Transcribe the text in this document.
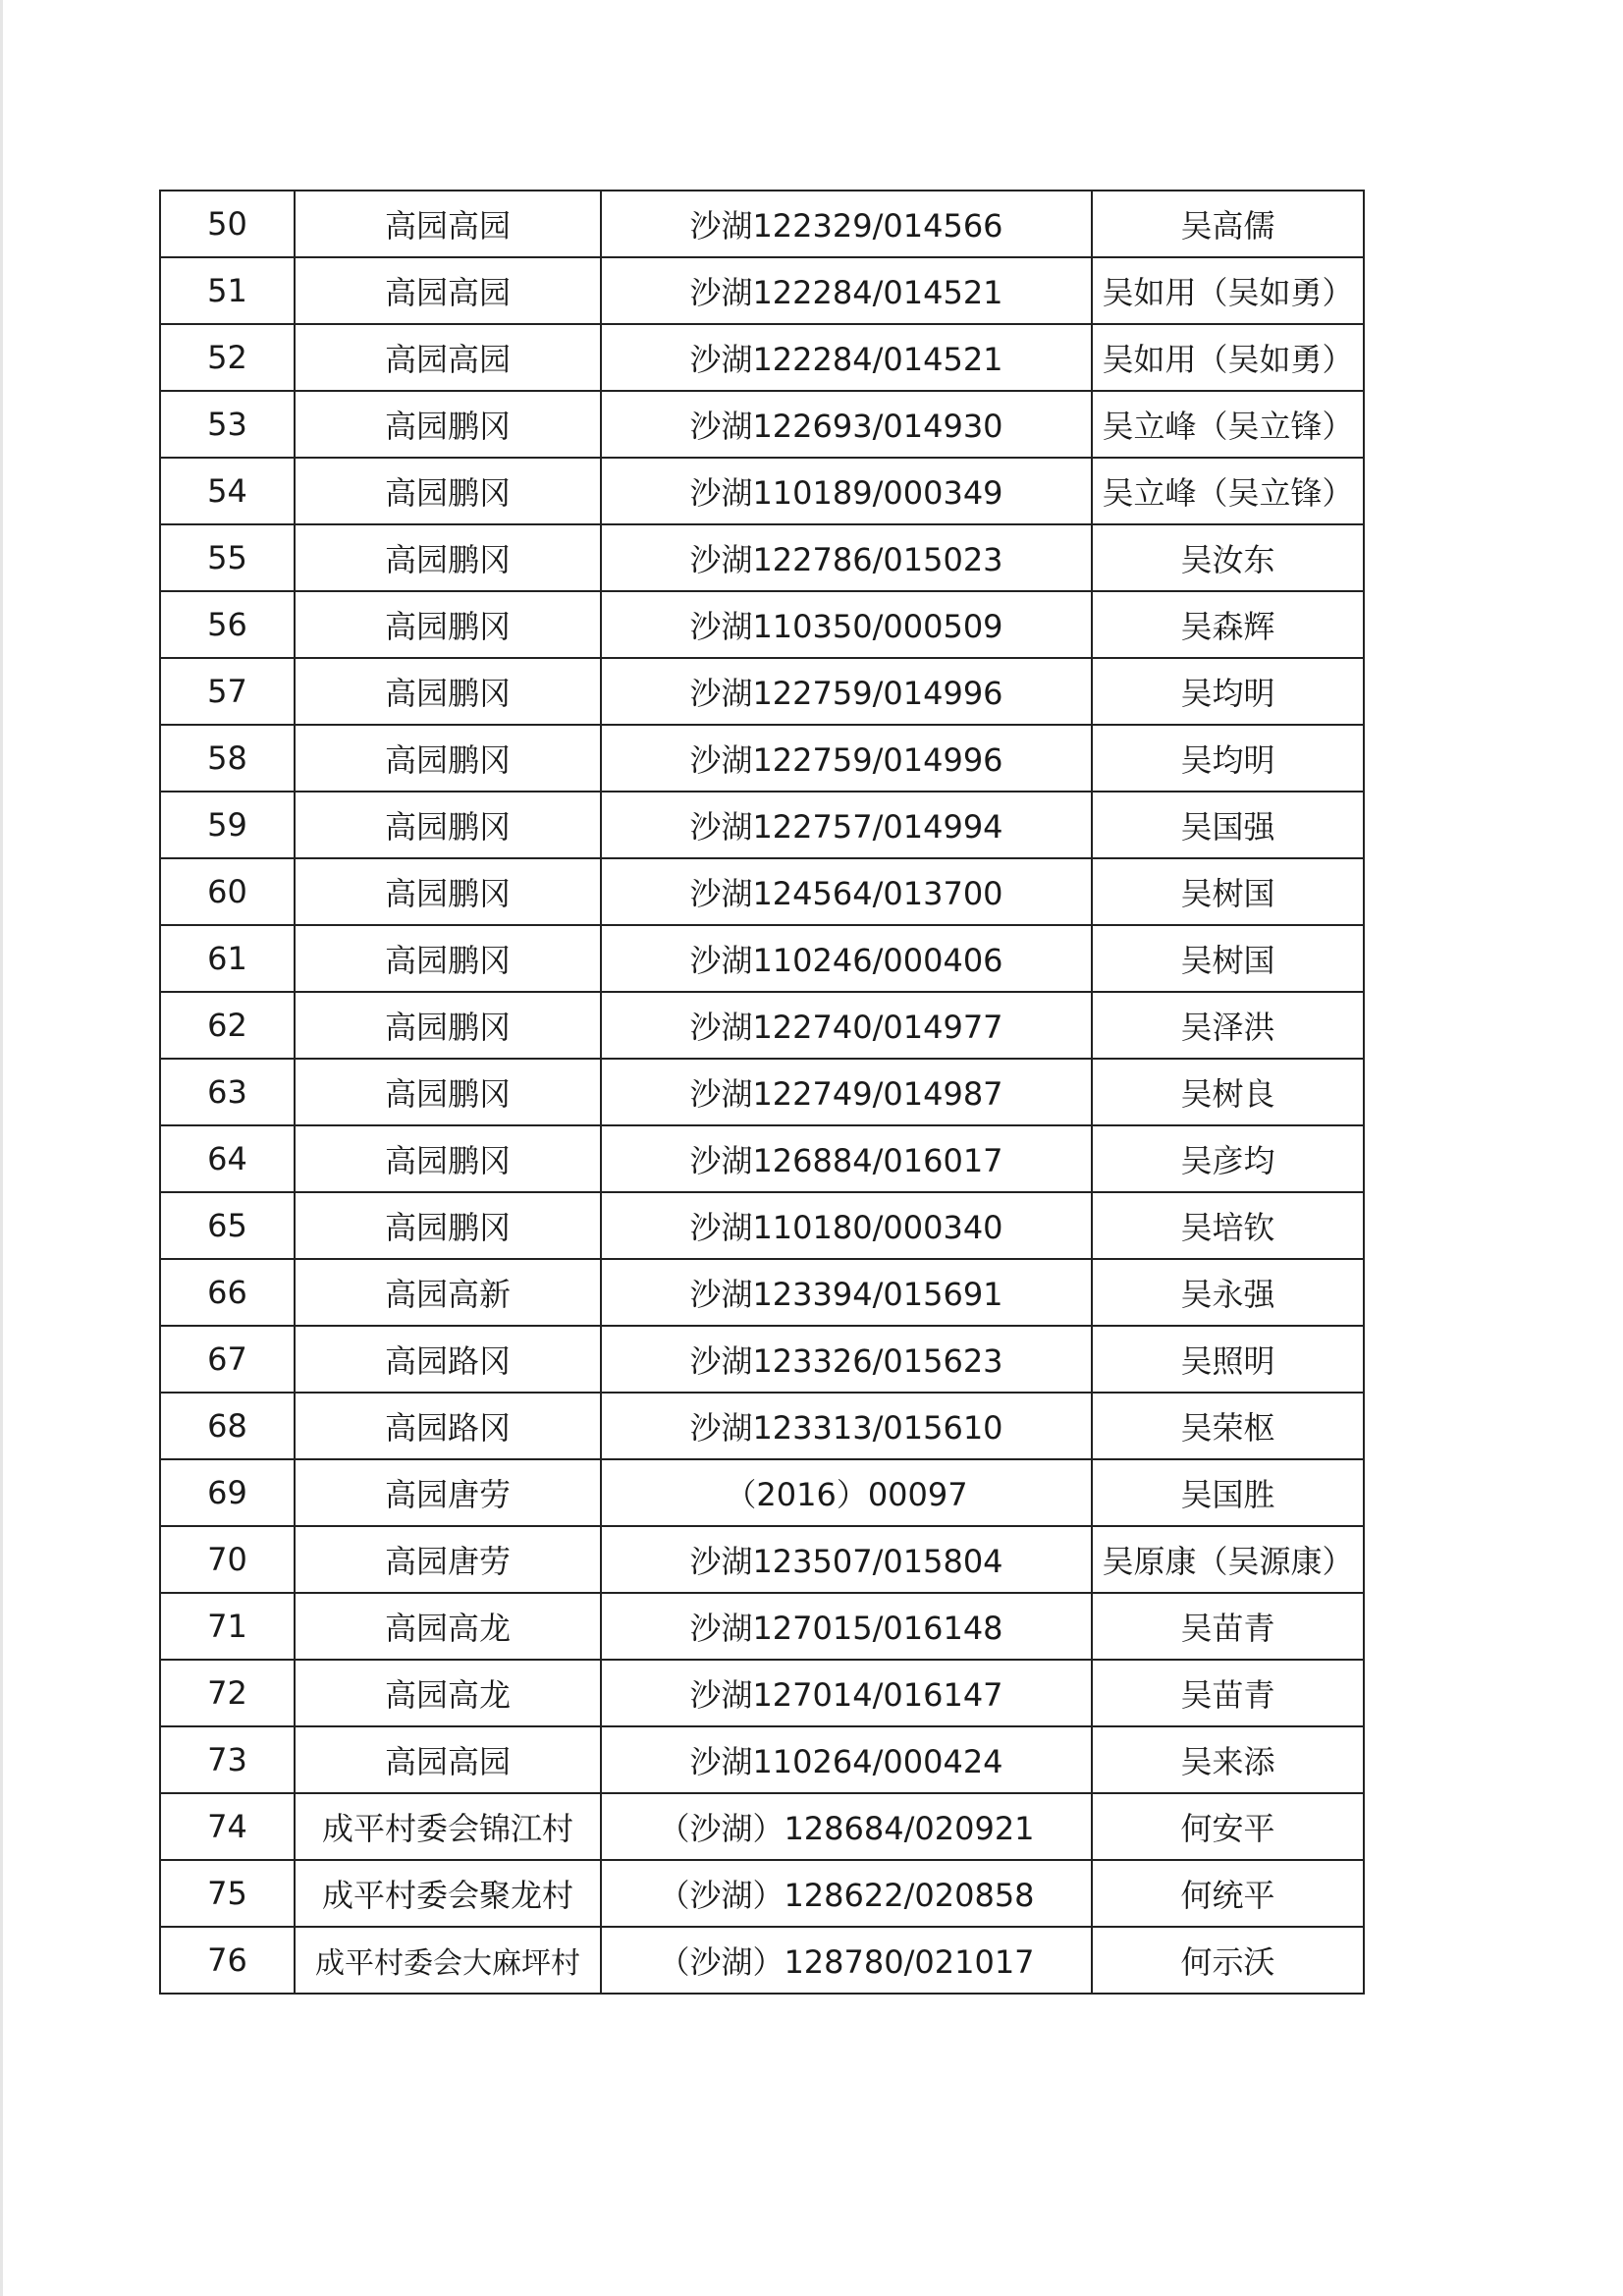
50	高园高园	沙湖122329/014566	吴高儒
51	高园高园	沙湖122284/014521	吴如用（吴如勇）
52	高园高园	沙湖122284/014521	吴如用（吴如勇）
53	高园鹏冈	沙湖122693/014930	吴立峰（吴立锋）
54	高园鹏冈	沙湖110189/000349	吴立峰（吴立锋）
55	高园鹏冈	沙湖122786/015023	吴汝东
56	高园鹏冈	沙湖110350/000509	吴森辉
57	高园鹏冈	沙湖122759/014996	吴均明
58	高园鹏冈	沙湖122759/014996	吴均明
59	高园鹏冈	沙湖122757/014994	吴国强
60	高园鹏冈	沙湖124564/013700	吴树国
61	高园鹏冈	沙湖110246/000406	吴树国
62	高园鹏冈	沙湖122740/014977	吴泽洪
63	高园鹏冈	沙湖122749/014987	吴树良
64	高园鹏冈	沙湖126884/016017	吴彦均
65	高园鹏冈	沙湖110180/000340	吴培钦
66	高园高新	沙湖123394/015691	吴永强
67	高园路冈	沙湖123326/015623	吴照明
68	高园路冈	沙湖123313/015610	吴荣枢
69	高园唐劳	（2016）00097	吴国胜
70	高园唐劳	沙湖123507/015804	吴原康（吴源康）
71	高园高龙	沙湖127015/016148	吴苗青
72	高园高龙	沙湖127014/016147	吴苗青
73	高园高园	沙湖110264/000424	吴来添
74	成平村委会锦江村	（沙湖）128684/020921	何安平
75	成平村委会聚龙村	（沙湖）128622/020858	何统平
76	成平村委会大麻坪村	（沙湖）128780/021017	何示沃
